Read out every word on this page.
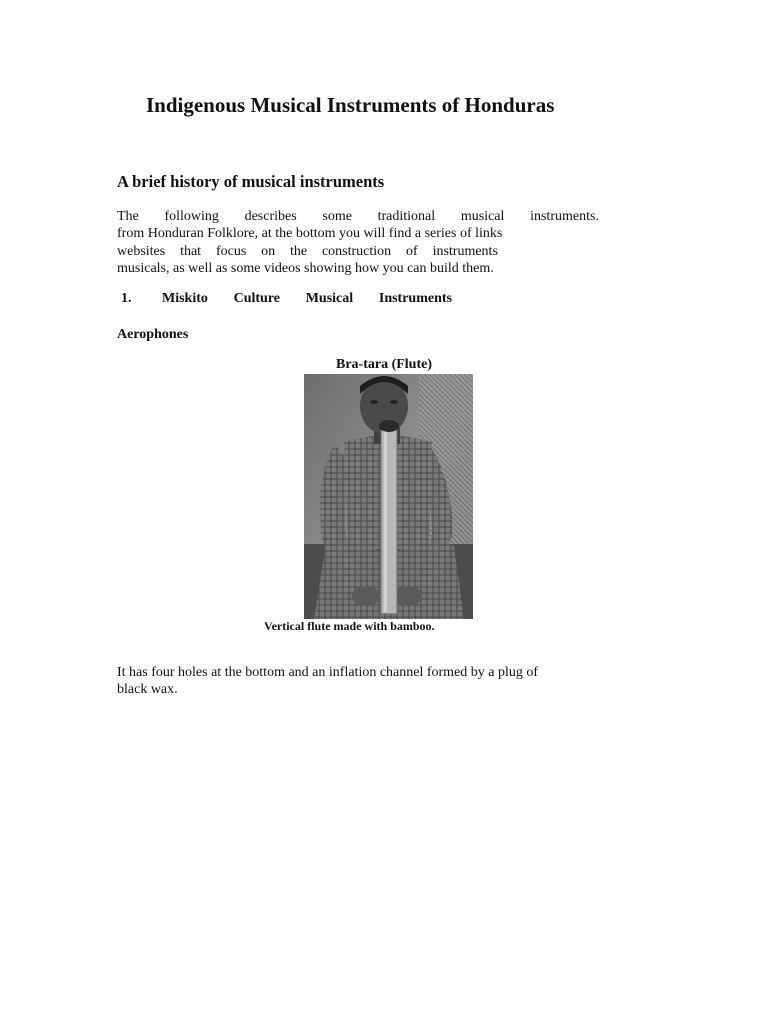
Indigenous Musical Instruments of Honduras
A brief history of musical instruments
The following describes some traditional musical instruments.
from Honduran Folklore, at the bottom you will find a series of links
websites that focus on the construction of instruments
musicals, as well as some videos showing how you can build them.
1.	Miskito Culture Musical Instruments
Aerophones

Bra-tara (Flute)

Vertical flute made with bamboo.

It has four holes at the bottom and an inflation channel formed by a plug of
black wax.
